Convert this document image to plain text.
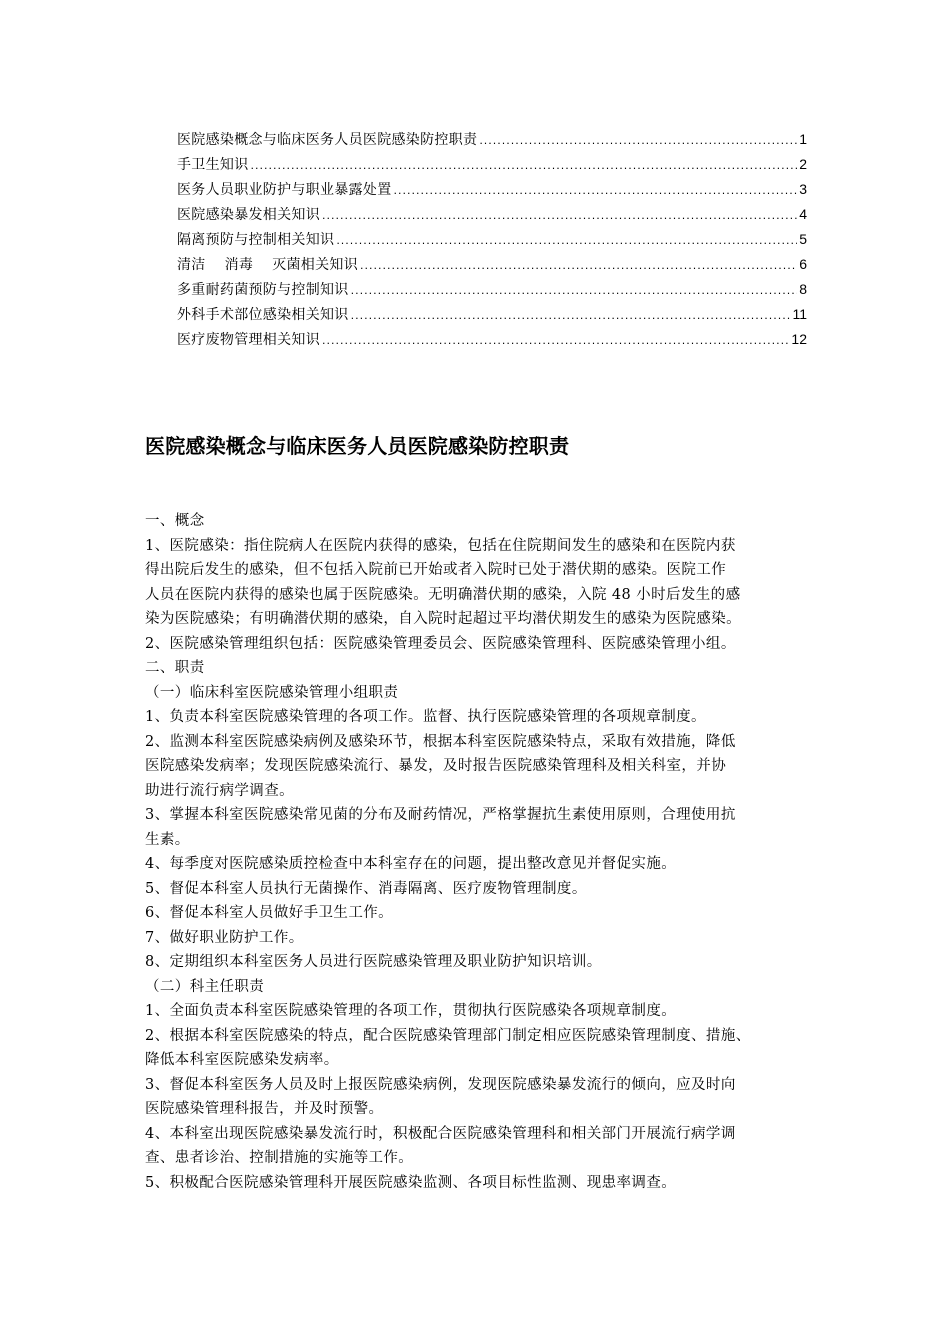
医院感染概念与临床医务人员医院感染防控职责 .....	1
手卫生知识 .....	2
医务人员职业防护与职业暴露处置 .....	3
医院感染暴发相关知识 .....	4
隔离预防与控制相关知识 .....	5
清洁    消毒    灭菌相关知识 .....	6
多重耐药菌预防与控制知识 .....	8
外科手术部位感染相关知识 .....	11
医疗废物管理相关知识 .....	12
医院感染概念与临床医务人员医院感染防控职责
一、概念
1、医院感染：指住院病人在医院内获得的感染，包括在住院期间发生的感染和在医院内获
得出院后发生的感染，但不包括入院前已开始或者入院时已处于潜伏期的感染。医院工作
人员在医院内获得的感染也属于医院感染。无明确潜伏期的感染，入院 48 小时后发生的感
染为医院感染；有明确潜伏期的感染，自入院时起超过平均潜伏期发生的感染为医院感染。
2、医院感染管理组织包括：医院感染管理委员会、医院感染管理科、医院感染管理小组。
二、职责
（一）临床科室医院感染管理小组职责
1、负责本科室医院感染管理的各项工作。监督、执行医院感染管理的各项规章制度。
2、监测本科室医院感染病例及感染环节，根据本科室医院感染特点，采取有效措施，降低
医院感染发病率；发现医院感染流行、暴发，及时报告医院感染管理科及相关科室，并协
助进行流行病学调查。
3、掌握本科室医院感染常见菌的分布及耐药情况，严格掌握抗生素使用原则，合理使用抗
生素。
4、每季度对医院感染质控检查中本科室存在的问题，提出整改意见并督促实施。
5、督促本科室人员执行无菌操作、消毒隔离、医疗废物管理制度。
6、督促本科室人员做好手卫生工作。
7、做好职业防护工作。
8、定期组织本科室医务人员进行医院感染管理及职业防护知识培训。
（二）科主任职责
1、全面负责本科室医院感染管理的各项工作，贯彻执行医院感染各项规章制度。
2、根据本科室医院感染的特点，配合医院感染管理部门制定相应医院感染管理制度、措施、
降低本科室医院感染发病率。
3、督促本科室医务人员及时上报医院感染病例，发现医院感染暴发流行的倾向，应及时向
医院感染管理科报告，并及时预警。
4、本科室出现医院感染暴发流行时，积极配合医院感染管理科和相关部门开展流行病学调
查、患者诊治、控制措施的实施等工作。
5、积极配合医院感染管理科开展医院感染监测、各项目标性监测、现患率调查。
